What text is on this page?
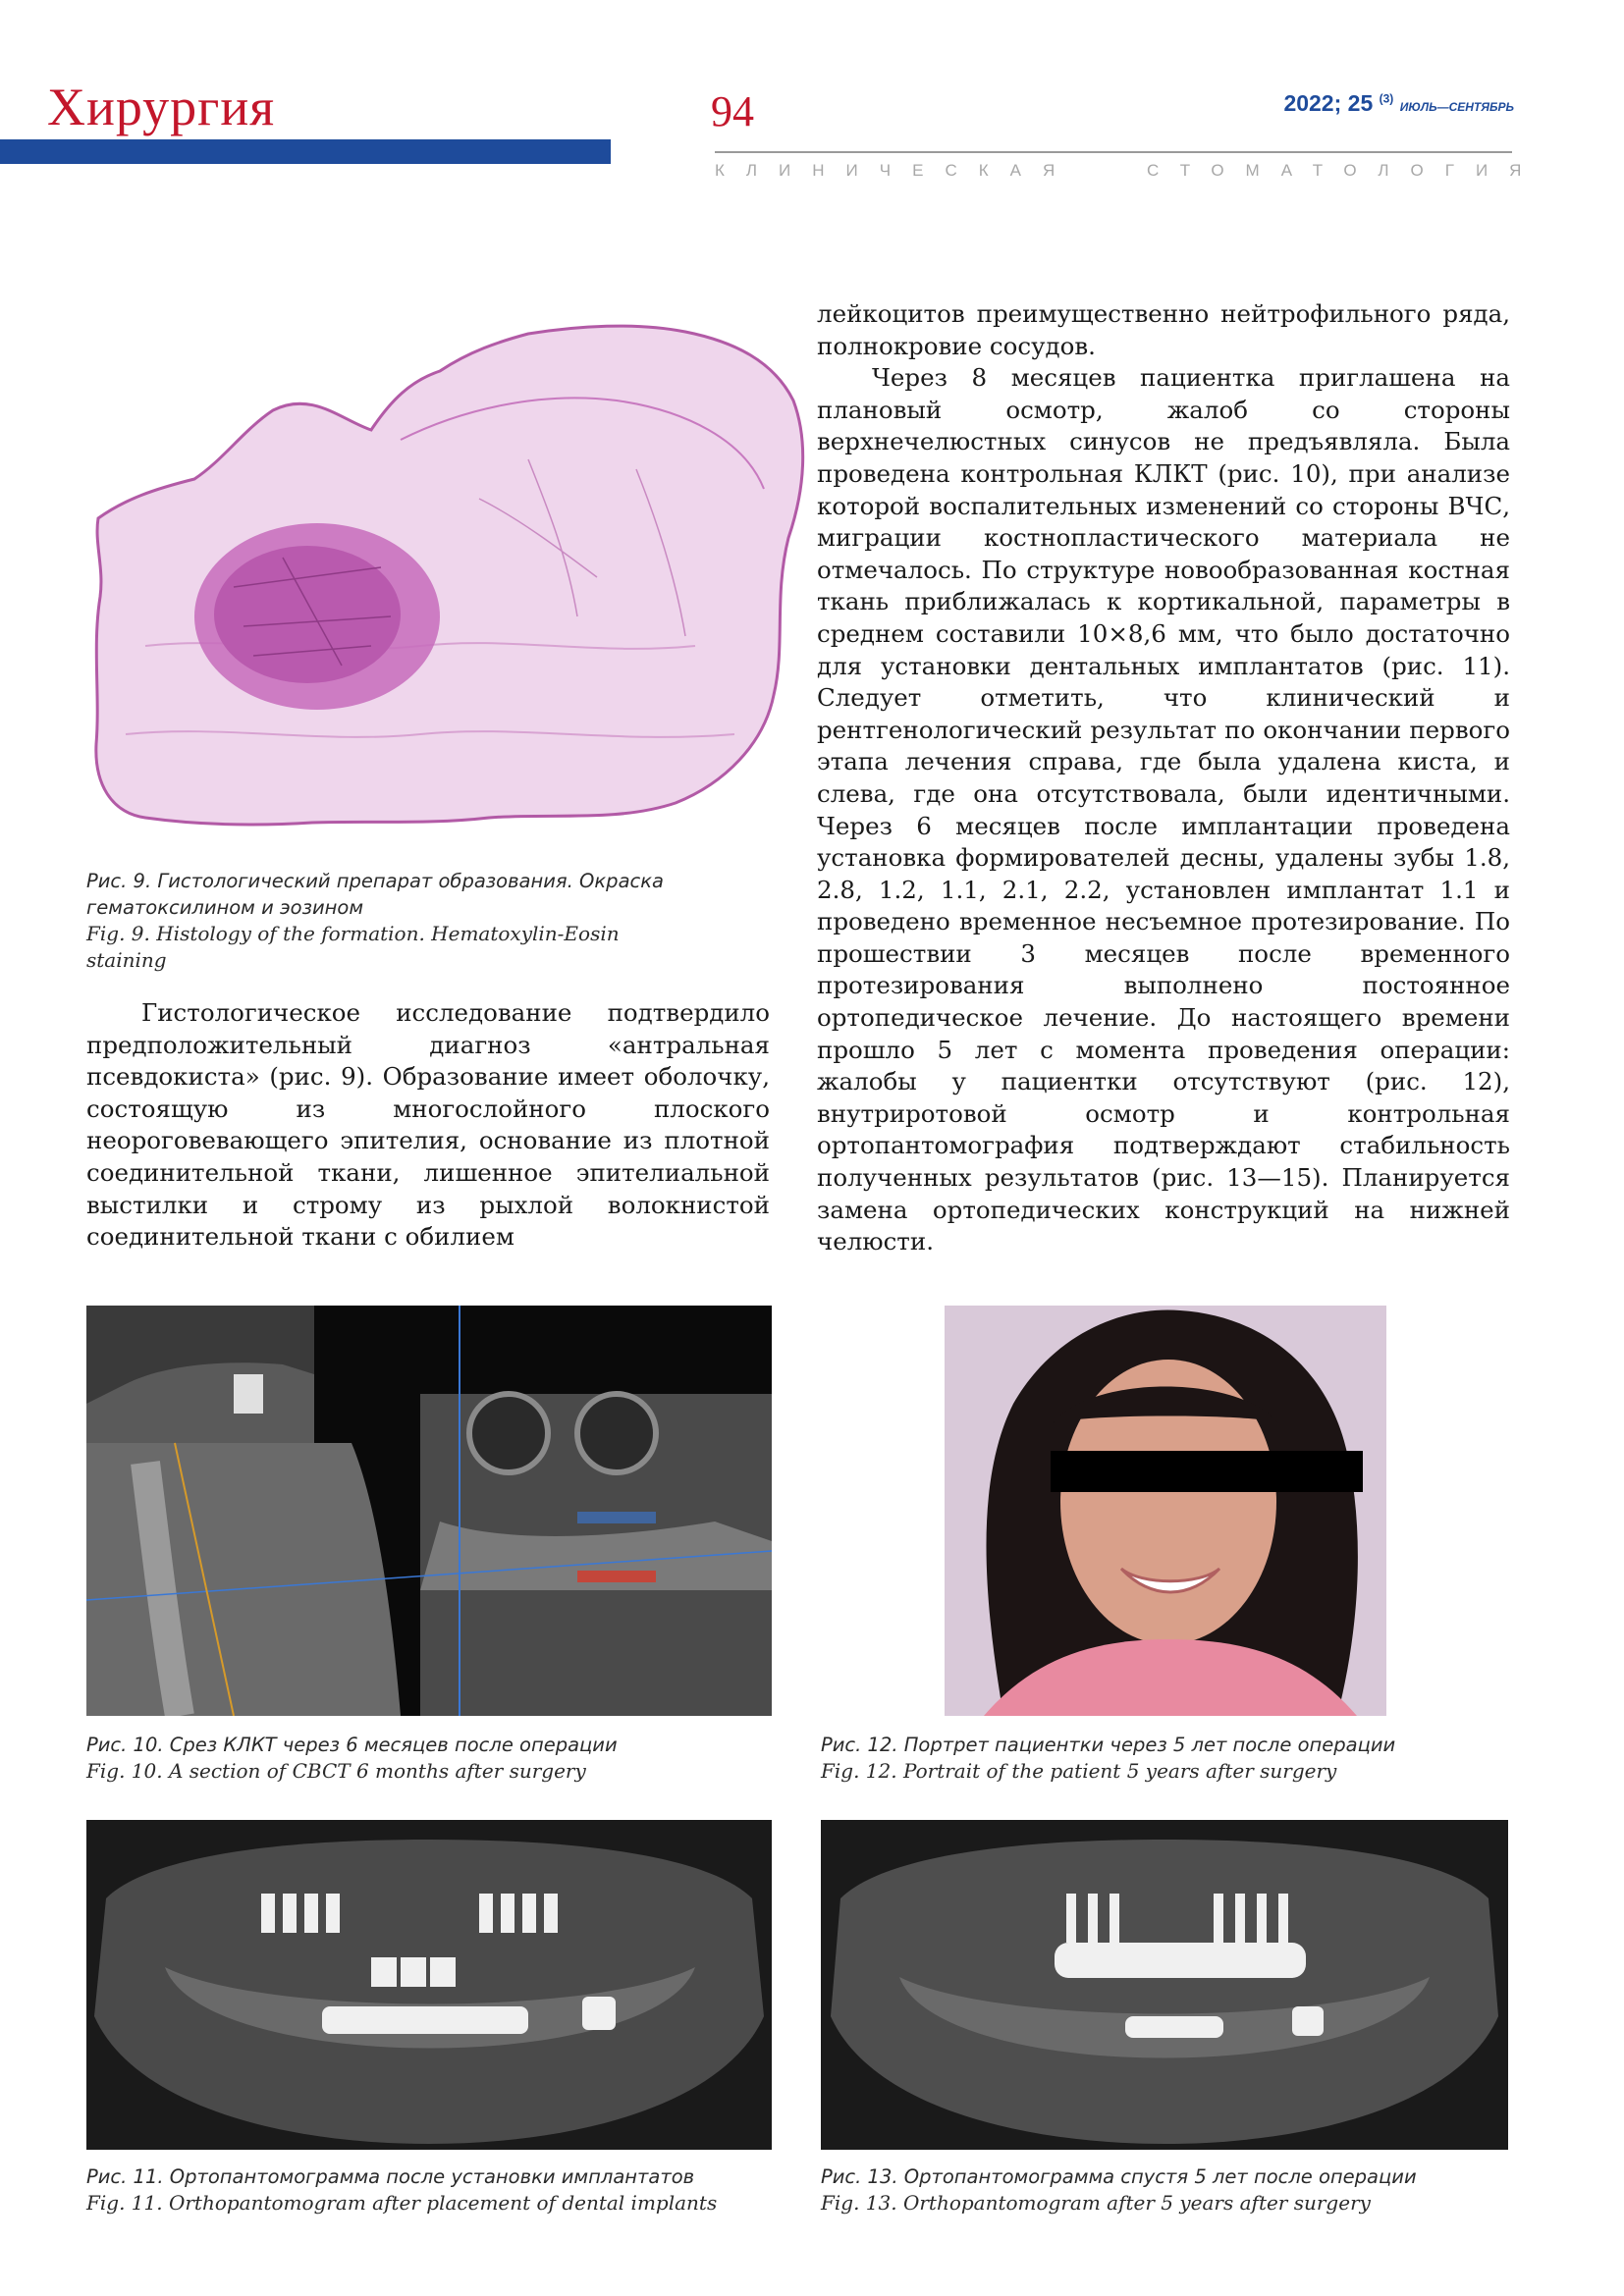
Хирургия	94	2022; 25 $^{(3)}$ ИЮЛЬ—СЕНТЯБРЬ
КЛИНИЧЕСКАЯ	СТОМАТОЛОГИЯ
Рис. 9. Гистологический препарат образования. Окраска гематоксилином и эозином
Fig. 9. Histology of the formation. Hematoxylin-Eosin staining

Гистологическое исследование подтвердило предположительный диагноз «антральная псевдокиста» (рис. 9). Образование имеет оболочку, состоящую из многослойного плоского неороговевающего эпителия, основание из плотной соединительной ткани, лишенное эпителиальной выстилки и строму из рыхлой волокнистой соединительной ткани с обилием

лейкоцитов преимущественно нейтрофильного ряда, полнокровие сосудов.

Через 8 месяцев пациентка приглашена на плановый осмотр, жалоб со стороны верхнечелюстных синусов не предъявляла. Была проведена контрольная КЛКТ (рис. 10), при анализе которой воспалительных изменений со стороны ВЧС, миграции костнопластического материала не отмечалось. По структуре новообразованная костная ткань приближалась к кортикальной, параметры в среднем составили 10×8,6 мм, что было достаточно для установки дентальных имплантатов (рис. 11). Следует отметить, что клинический и рентгенологический результат по окончании первого этапа лечения справа, где была удалена киста, и слева, где она отсутствовала, были идентичными. Через 6 месяцев после имплантации проведена установка формирователей десны, удалены зубы 1.8, 2.8, 1.2, 1.1, 2.1, 2.2, установлен имплантат 1.1 и проведено временное несъемное протезирование. По прошествии 3 месяцев после временного протезирования выполнено постоянное ортопедическое лечение. До настоящего времени прошло 5 лет с момента проведения операции: жалобы у пациентки отсутствуют (рис. 12), внутриротовой осмотр и контрольная ортопантомография подтверждают стабильность полученных результатов (рис. 13—15). Планируется замена ортопедических конструкций на нижней челюсти.

Рис. 10. Срез КЛКТ через 6 месяцев после операции
Fig. 10. A section of CBCT 6 months after surgery
Рис. 12. Портрет пациентки через 5 лет после операции
Fig. 12. Portrait of the patient 5 years after surgery
Рис. 11. Ортопантомограмма после установки имплантатов
Fig. 11. Orthopantomogram after placement of dental implants
Рис. 13. Ортопантомограмма спустя 5 лет после операции
Fig. 13. Orthopantomogram after 5 years after surgery
